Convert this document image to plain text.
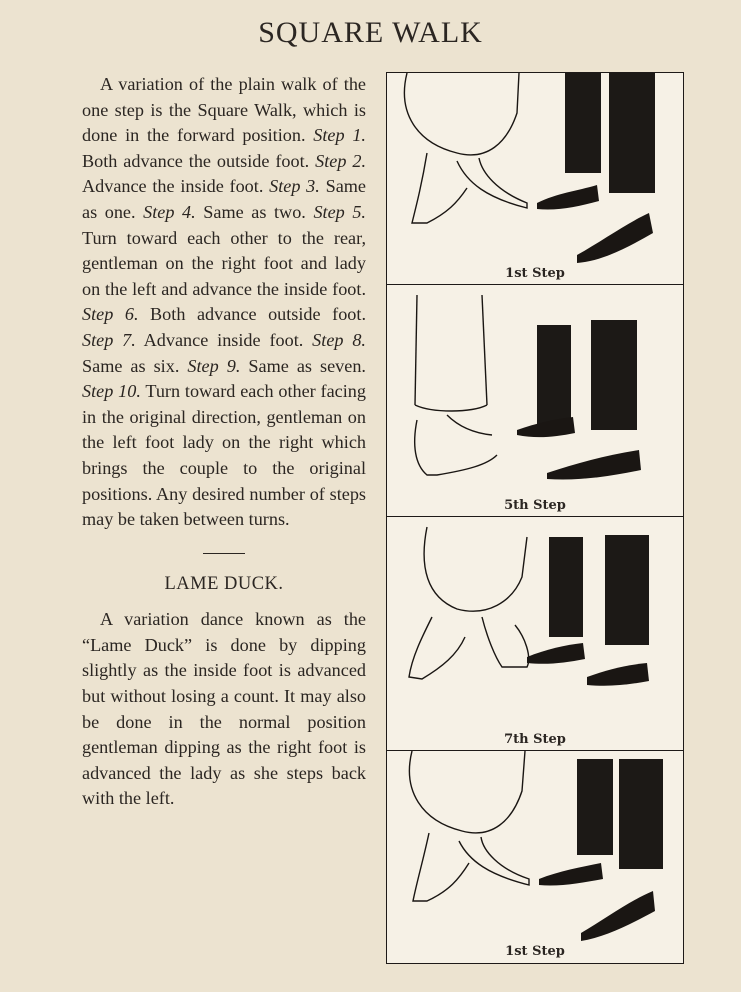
SQUARE WALK

A variation of the plain walk of the one step is the Square Walk, which is done in the forward position. Step 1. Both advance the outside foot. Step 2. Advance the inside foot. Step 3. Same as one. Step 4. Same as two. Step 5. Turn toward each other to the rear, gentleman on the right foot and lady on the left and advance the inside foot. Step 6. Both advance outside foot. Step 7. Advance inside foot. Step 8. Same as six. Step 9. Same as seven. Step 10. Turn toward each other facing in the original direction, gentleman on the left foot lady on the right which brings the couple to the original positions. Any desired number of steps may be taken between turns.

LAME DUCK.

A variation dance known as the “Lame Duck” is done by dipping slightly as the inside foot is advanced but without losing a count. It may also be done in the normal position gentleman dipping as the right foot is advanced the lady as she steps back with the left.

1st Step
5th Step
7th Step
1st Step
